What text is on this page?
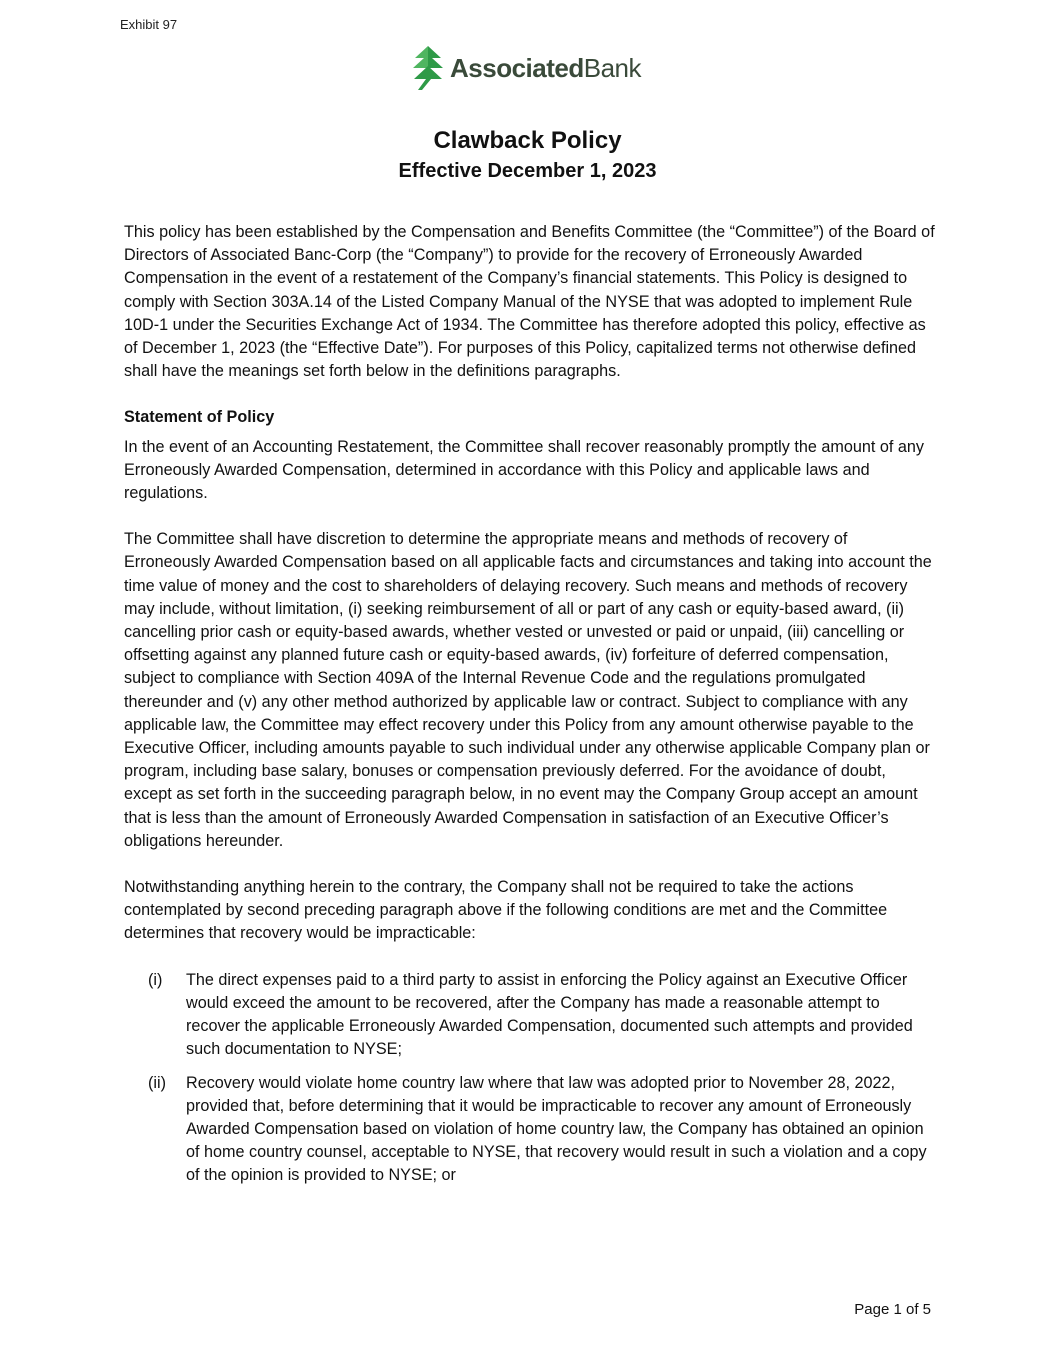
Exhibit 97
Associated Bank
Clawback Policy
Effective December 1, 2023

This policy has been established by the Compensation and Benefits Committee (the “Committee”) of the Board of Directors of Associated Banc-Corp (the “Company”) to provide for the recovery of Erroneously Awarded Compensation in the event of a restatement of the Company’s financial statements. This Policy is designed to comply with Section 303A.14 of the Listed Company Manual of the NYSE that was adopted to implement Rule 10D-1 under the Securities Exchange Act of 1934. The Committee has therefore adopted this policy, effective as of December 1, 2023 (the “Effective Date”). For purposes of this Policy, capitalized terms not otherwise defined shall have the meanings set forth below in the definitions paragraphs.

Statement of Policy

In the event of an Accounting Restatement, the Committee shall recover reasonably promptly the amount of any Erroneously Awarded Compensation, determined in accordance with this Policy and applicable laws and regulations.

The Committee shall have discretion to determine the appropriate means and methods of recovery of Erroneously Awarded Compensation based on all applicable facts and circumstances and taking into account the time value of money and the cost to shareholders of delaying recovery. Such means and methods of recovery may include, without limitation, (i) seeking reimbursement of all or part of any cash or equity-based award, (ii) cancelling prior cash or equity-based awards, whether vested or unvested or paid or unpaid, (iii) cancelling or offsetting against any planned future cash or equity-based awards, (iv) forfeiture of deferred compensation, subject to compliance with Section 409A of the Internal Revenue Code and the regulations promulgated thereunder and (v) any other method authorized by applicable law or contract. Subject to compliance with any applicable law, the Committee may effect recovery under this Policy from any amount otherwise payable to the Executive Officer, including amounts payable to such individual under any otherwise applicable Company plan or program, including base salary, bonuses or compensation previously deferred. For the avoidance of doubt, except as set forth in the succeeding paragraph below, in no event may the Company Group accept an amount that is less than the amount of Erroneously Awarded Compensation in satisfaction of an Executive Officer’s obligations hereunder.

Notwithstanding anything herein to the contrary, the Company shall not be required to take the actions contemplated by second preceding paragraph above if the following conditions are met and the Committee determines that recovery would be impracticable:

(i) The direct expenses paid to a third party to assist in enforcing the Policy against an Executive Officer would exceed the amount to be recovered, after the Company has made a reasonable attempt to recover the applicable Erroneously Awarded Compensation, documented such attempts and provided such documentation to NYSE;
(ii) Recovery would violate home country law where that law was adopted prior to November 28, 2022, provided that, before determining that it would be impracticable to recover any amount of Erroneously Awarded Compensation based on violation of home country law, the Company has obtained an opinion of home country counsel, acceptable to NYSE, that recovery would result in such a violation and a copy of the opinion is provided to NYSE; or
Page 1 of 5
